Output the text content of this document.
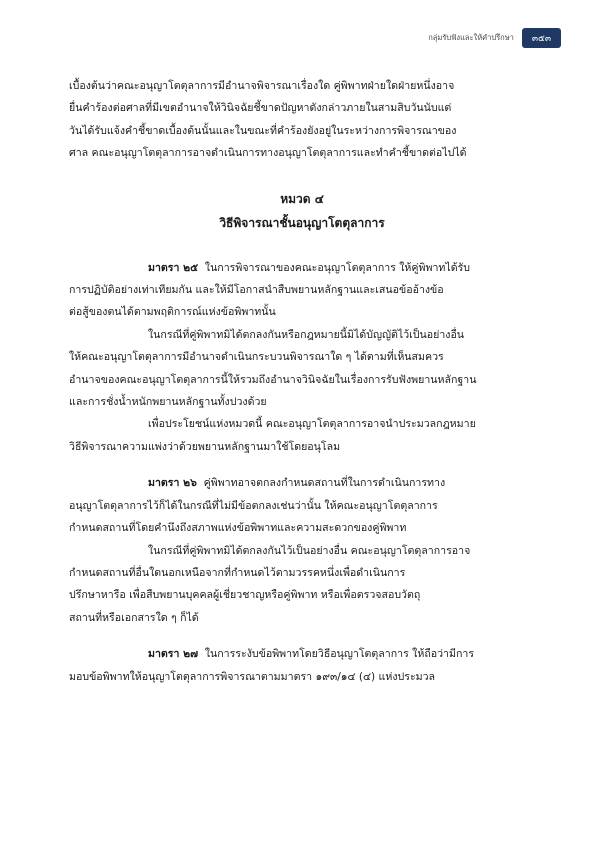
กลุ่มรับฟังและให้คำปรึกษา	๓๕๓

เบื้องต้นว่าคณะอนุญาโตตุลาการมีอำนาจพิจารณาเรื่องใด คู่พิพาทฝ่ายใดฝ่ายหนึ่งอาจ
ยื่นคำร้องต่อศาลที่มีเขตอำนาจให้วินิจฉัยชี้ขาดปัญหาดังกล่าวภายในสามสิบวันนับแต่
วันได้รับแจ้งคำชี้ขาดเบื้องต้นนั้นและในขณะที่คำร้องยังอยู่ในระหว่างการพิจารณาของ
ศาล คณะอนุญาโตตุลาการอาจดำเนินการทางอนุญาโตตุลาการและทำคำชี้ขาดต่อไปได้

หมวด ๔

วิธีพิจารณาชั้นอนุญาโตตุลาการ

มาตรา ๒๕ ในการพิจารณาของคณะอนุญาโตตุลาการ ให้คู่พิพาทได้รับ
การปฏิบัติอย่างเท่าเทียมกัน และให้มีโอกาสนำสืบพยานหลักฐานและเสนอข้ออ้างข้อ
ต่อสู้ของตนได้ตามพฤติการณ์แห่งข้อพิพาทนั้น

ในกรณีที่คู่พิพาทมิได้ตกลงกันหรือกฎหมายนี้มิได้บัญญัติไว้เป็นอย่างอื่น
ให้คณะอนุญาโตตุลาการมีอำนาจดำเนินกระบวนพิจารณาใด ๆ ได้ตามที่เห็นสมควร
อำนาจของคณะอนุญาโตตุลาการนี้ให้รวมถึงอำนาจวินิจฉัยในเรื่องการรับฟังพยานหลักฐาน
และการชั่งน้ำหนักพยานหลักฐานทั้งปวงด้วย

เพื่อประโยชน์แห่งหมวดนี้ คณะอนุญาโตตุลาการอาจนำประมวลกฎหมาย
วิธีพิจารณาความแพ่งว่าด้วยพยานหลักฐานมาใช้โดยอนุโลม

มาตรา ๒๖ คู่พิพาทอาจตกลงกำหนดสถานที่ในการดำเนินการทาง
อนุญาโตตุลาการไว้ก็ได้ในกรณีที่ไม่มีข้อตกลงเช่นว่านั้น ให้คณะอนุญาโตตุลาการ
กำหนดสถานที่โดยคำนึงถึงสภาพแห่งข้อพิพาทและความสะดวกของคู่พิพาท

ในกรณีที่คู่พิพาทมิได้ตกลงกันไว้เป็นอย่างอื่น คณะอนุญาโตตุลาการอาจ
กำหนดสถานที่อื่นใดนอกเหนือจากที่กำหนดไว้ตามวรรคหนึ่งเพื่อดำเนินการ
ปรึกษาหารือ เพื่อสืบพยานบุคคลผู้เชี่ยวชาญหรือคู่พิพาท หรือเพื่อตรวจสอบวัตถุ
สถานที่หรือเอกสารใด ๆ ก็ได้

มาตรา ๒๗ ในการระงับข้อพิพาทโดยวิธีอนุญาโตตุลาการ ให้ถือว่ามีการ
มอบข้อพิพาทให้อนุญาโตตุลาการพิจารณาตามมาตรา ๑๙๓/๑๔ (๔) แห่งประมวล
